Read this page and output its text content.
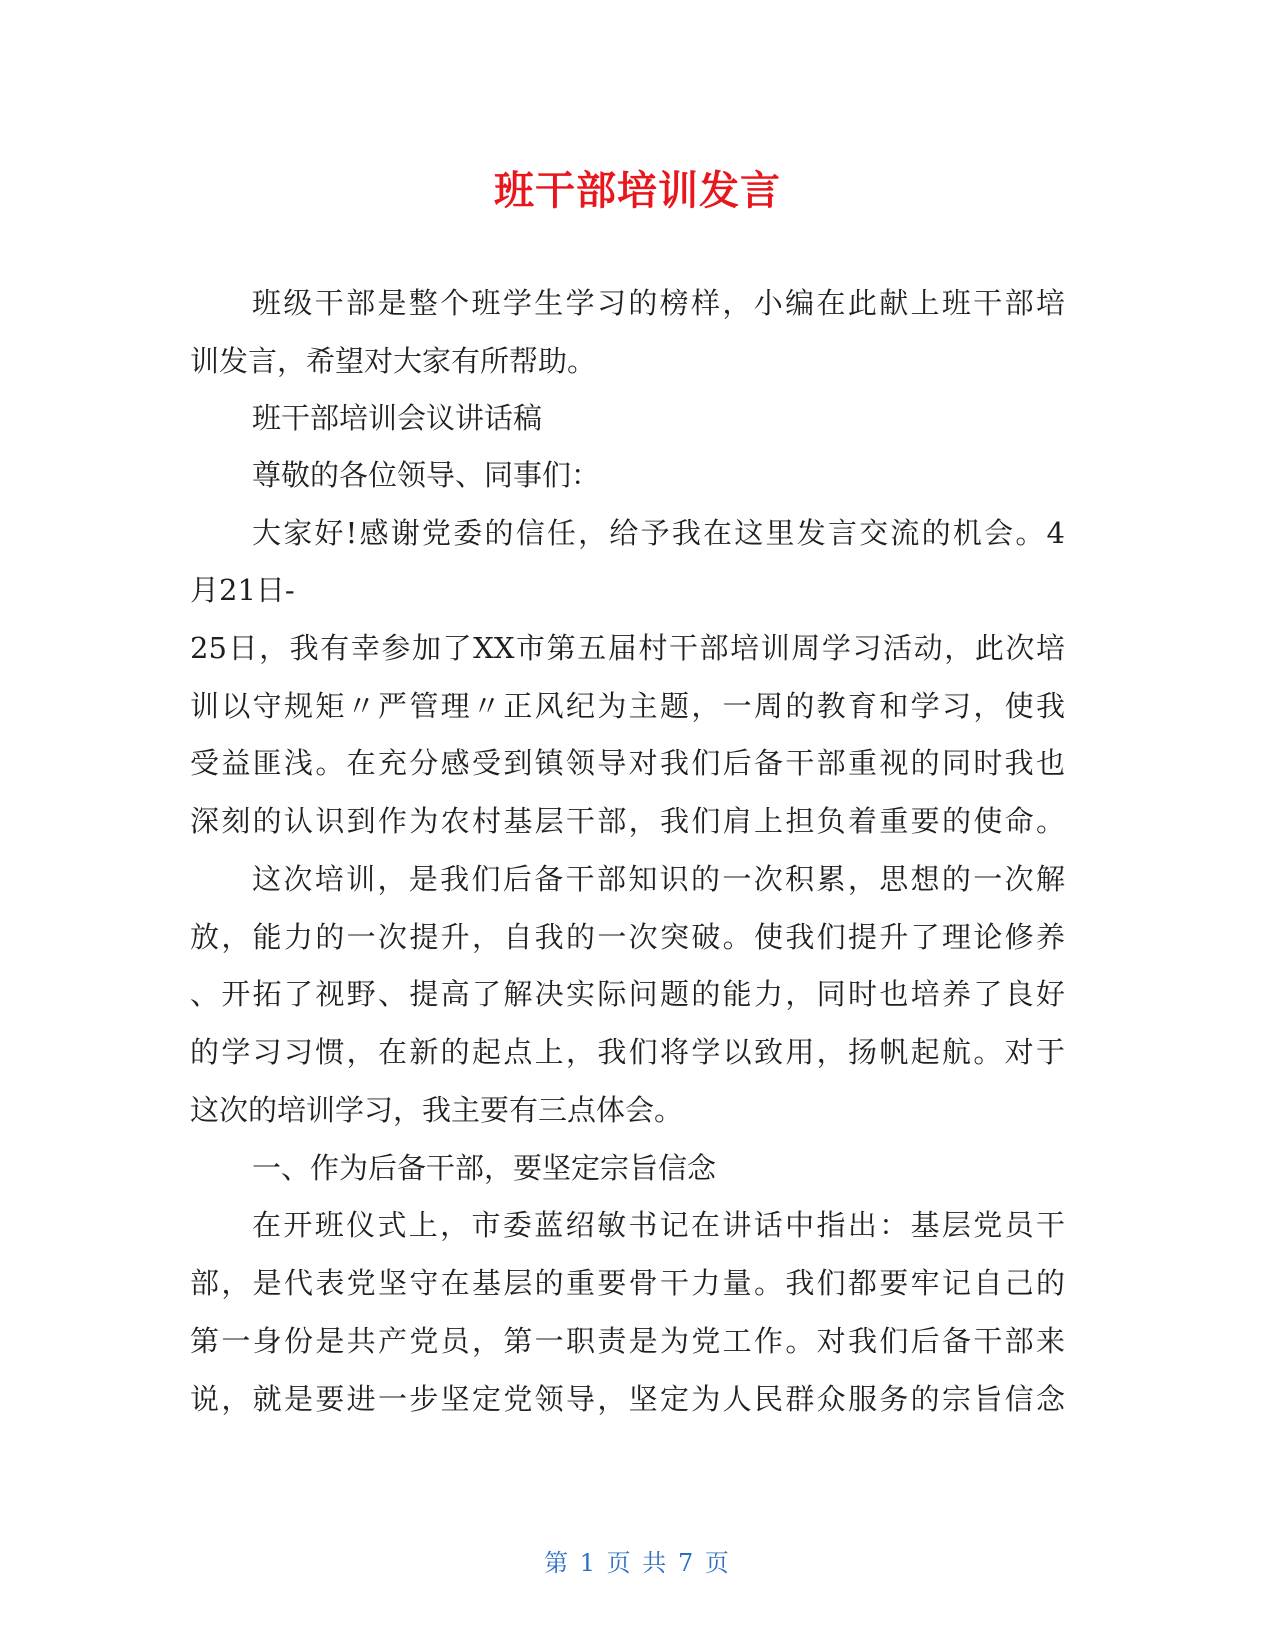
班干部培训发言
班级干部是整个班学生学习的榜样，小编在此献上班干部培
训发言，希望对大家有所帮助。
班干部培训会议讲话稿
尊敬的各位领导、同事们：
大家好!感谢党委的信任，给予我在这里发言交流的机会。4
月21日-
25日，我有幸参加了XX市第五届村干部培训周学习活动，此次培
训以守规矩〃严管理〃正风纪为主题，一周的教育和学习，使我
受益匪浅。在充分感受到镇领导对我们后备干部重视的同时我也
深刻的认识到作为农村基层干部，我们肩上担负着重要的使命。
这次培训，是我们后备干部知识的一次积累，思想的一次解
放，能力的一次提升，自我的一次突破。使我们提升了理论修养
、开拓了视野、提高了解决实际问题的能力，同时也培养了良好
的学习习惯，在新的起点上，我们将学以致用，扬帆起航。对于
这次的培训学习，我主要有三点体会。
一、作为后备干部，要坚定宗旨信念
在开班仪式上，市委蓝绍敏书记在讲话中指出：基层党员干
部，是代表党坚守在基层的重要骨干力量。我们都要牢记自己的
第一身份是共产党员，第一职责是为党工作。对我们后备干部来
说，就是要进一步坚定党领导，坚定为人民群众服务的宗旨信念
第 1 页 共 7 页
